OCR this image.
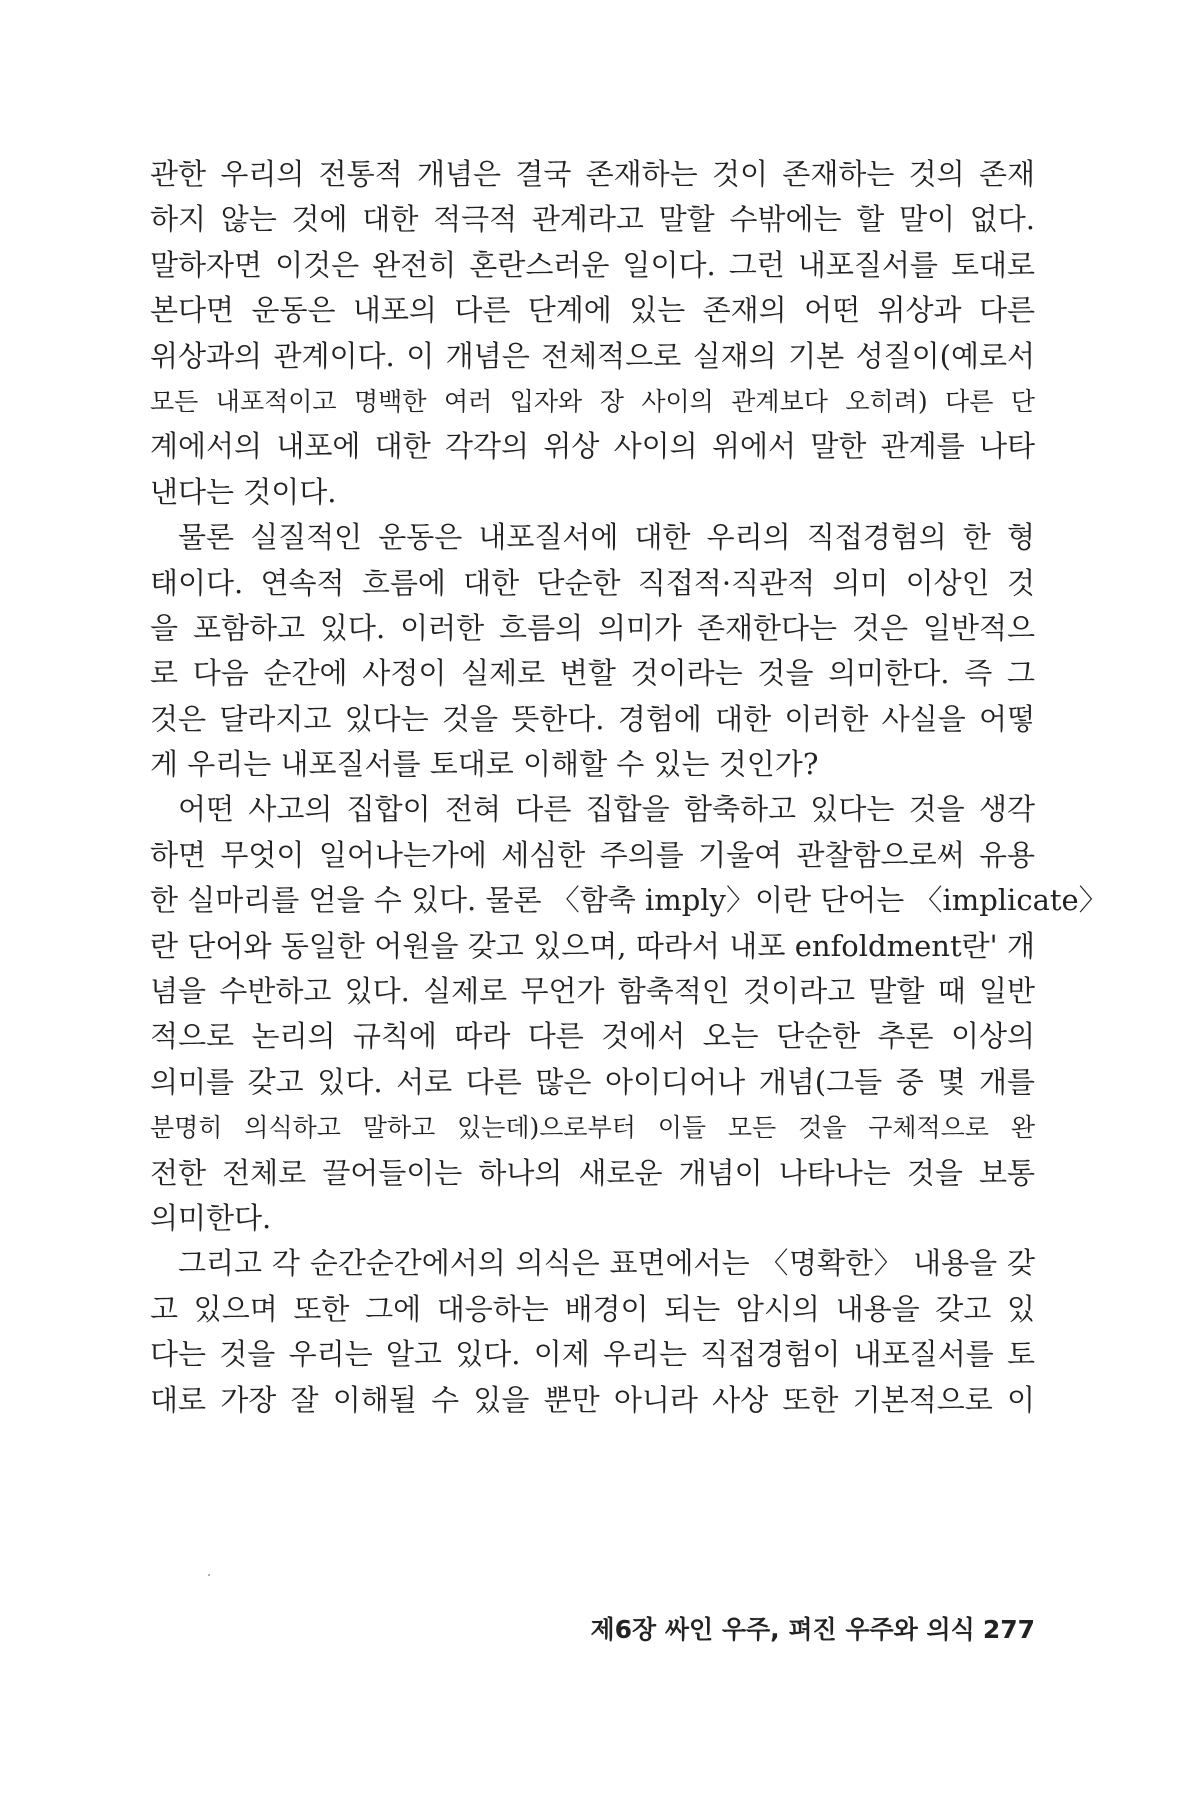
관한 우리의 전통적 개념은 결국 존재하는 것이 존재하는 것의 존재
하지 않는 것에 대한 적극적 관계라고 말할 수밖에는 할 말이 없다.
말하자면 이것은 완전히 혼란스러운 일이다. 그런 내포질서를 토대로
본다면 운동은 내포의 다른 단계에 있는 존재의 어떤 위상과 다른
위상과의 관계이다. 이 개념은 전체적으로 실재의 기본 성질이(예로서
모든 내포적이고 명백한 여러 입자와 장 사이의 관계보다 오히려) 다른 단
계에서의 내포에 대한 각각의 위상 사이의 위에서 말한 관계를 나타
낸다는 것이다.
물론 실질적인 운동은 내포질서에 대한 우리의 직접경험의 한 형
태이다. 연속적 흐름에 대한 단순한 직접적·직관적 의미 이상인 것
을 포함하고 있다. 이러한 흐름의 의미가 존재한다는 것은 일반적으
로 다음 순간에 사정이 실제로 변할 것이라는 것을 의미한다. 즉 그
것은 달라지고 있다는 것을 뜻한다. 경험에 대한 이러한 사실을 어떻
게 우리는 내포질서를 토대로 이해할 수 있는 것인가?
어떤 사고의 집합이 전혀 다른 집합을 함축하고 있다는 것을 생각
하면 무엇이 일어나는가에 세심한 주의를 기울여 관찰함으로써 유용
한 실마리를 얻을 수 있다. 물론 〈함축 imply〉이란 단어는 〈implicate〉
란 단어와 동일한 어원을 갖고 있으며, 따라서 내포 enfoldment란' 개
념을 수반하고 있다. 실제로 무언가 함축적인 것이라고 말할 때 일반
적으로 논리의 규칙에 따라 다른 것에서 오는 단순한 추론 이상의
의미를 갖고 있다. 서로 다른 많은 아이디어나 개념(그들 중 몇 개를
분명히 의식하고 말하고 있는데)으로부터 이들 모든 것을 구체적으로 완
전한 전체로 끌어들이는 하나의 새로운 개념이 나타나는 것을 보통
의미한다.
그리고 각 순간순간에서의 의식은 표면에서는 〈명확한〉 내용을 갖
고 있으며 또한 그에 대응하는 배경이 되는 암시의 내용을 갖고 있
다는 것을 우리는 알고 있다. 이제 우리는 직접경험이 내포질서를 토
대로 가장 잘 이해될 수 있을 뿐만 아니라 사상 또한 기본적으로 이
제6장 싸인 우주, 펴진 우주와 의식 277
